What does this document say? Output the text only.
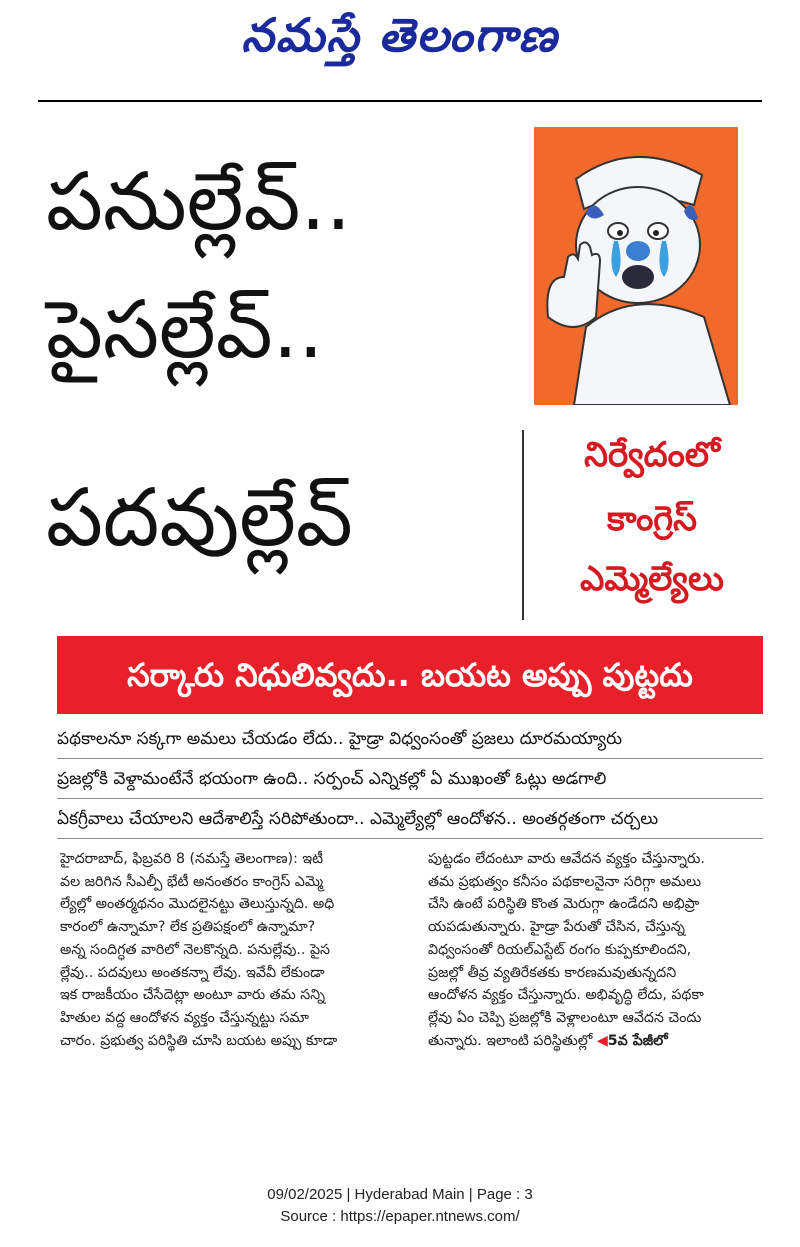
నమస్తే తెలంగాణ
పనుల్లేవ్..
పైసల్లేవ్..
పదవుల్లేవ్
నిర్వేదంలో
కాంగ్రెస్
ఎమ్మెల్యేలు
సర్కారు నిధులివ్వదు.. బయట అప్పు పుట్టదు
పథకాలనూ సక్కగా అమలు చేయడం లేదు.. హైడ్రా విధ్వంసంతో ప్రజలు దూరమయ్యారు
ప్రజల్లోకి వెళ్దామంటేనే భయంగా ఉంది.. సర్పంచ్ ఎన్నికల్లో ఏ ముఖంతో ఓట్లు అడగాలి
ఏకగ్రీవాలు చేయాలని ఆదేశాలిస్తే సరిపోతుందా.. ఎమ్మెల్యేల్లో ఆందోళన.. అంతర్గతంగా చర్చలు

హైదరాబాద్, ఫిబ్రవరి 8 (నమస్తే తెలంగాణ): ఇటీ

వల జరిగిన సీఎల్పీ భేటీ అనంతరం కాంగ్రెస్ ఎమ్మె

ల్యేల్లో అంతర్మథనం మొదలైనట్టు తెలుస్తున్నది. అధి

కారంలో ఉన్నామా? లేక ప్రతిపక్షంలో ఉన్నామా?

అన్న సందిగ్ధత వారిలో నెలకొన్నది. పనుల్లేవు.. పైస

ల్లేవు.. పదవులు అంతకన్నా లేవు. ఇవేవీ లేకుండా

ఇక రాజకీయం చేసేదెట్లా అంటూ వారు తమ సన్ని

హితుల వద్ద ఆందోళన వ్యక్తం చేస్తున్నట్టు సమా

చారం. ప్రభుత్వ పరిస్థితి చూసి బయట అప్పు కూడా

పుట్టడం లేదంటూ వారు ఆవేదన వ్యక్తం చేస్తున్నారు.

తమ ప్రభుత్వం కనీసం పథకాలనైనా సరిగ్గా అమలు

చేసి ఉంటే పరిస్థితి కొంత మెరుగ్గా ఉండేదని అభిప్రా

యపడుతున్నారు. హైడ్రా పేరుతో చేసిన, చేస్తున్న

విధ్వంసంతో రియల్‌ఎస్టేట్ రంగం కుప్పకూలిందని,

ప్రజల్లో తీవ్ర వ్యతిరేకతకు కారణమవుతున్నదని

ఆందోళన వ్యక్తం చేస్తున్నారు. అభివృద్ధి లేదు, పథకా

ల్లేవు ఏం చెప్పి ప్రజల్లోకి వెళ్లాలంటూ ఆవేదన చెందు

తున్నారు. ఇలాంటి పరిస్థితుల్లో ◀5వ పేజీలో

09/02/2025 | Hyderabad Main | Page : 3
Source : https://epaper.ntnews.com/
